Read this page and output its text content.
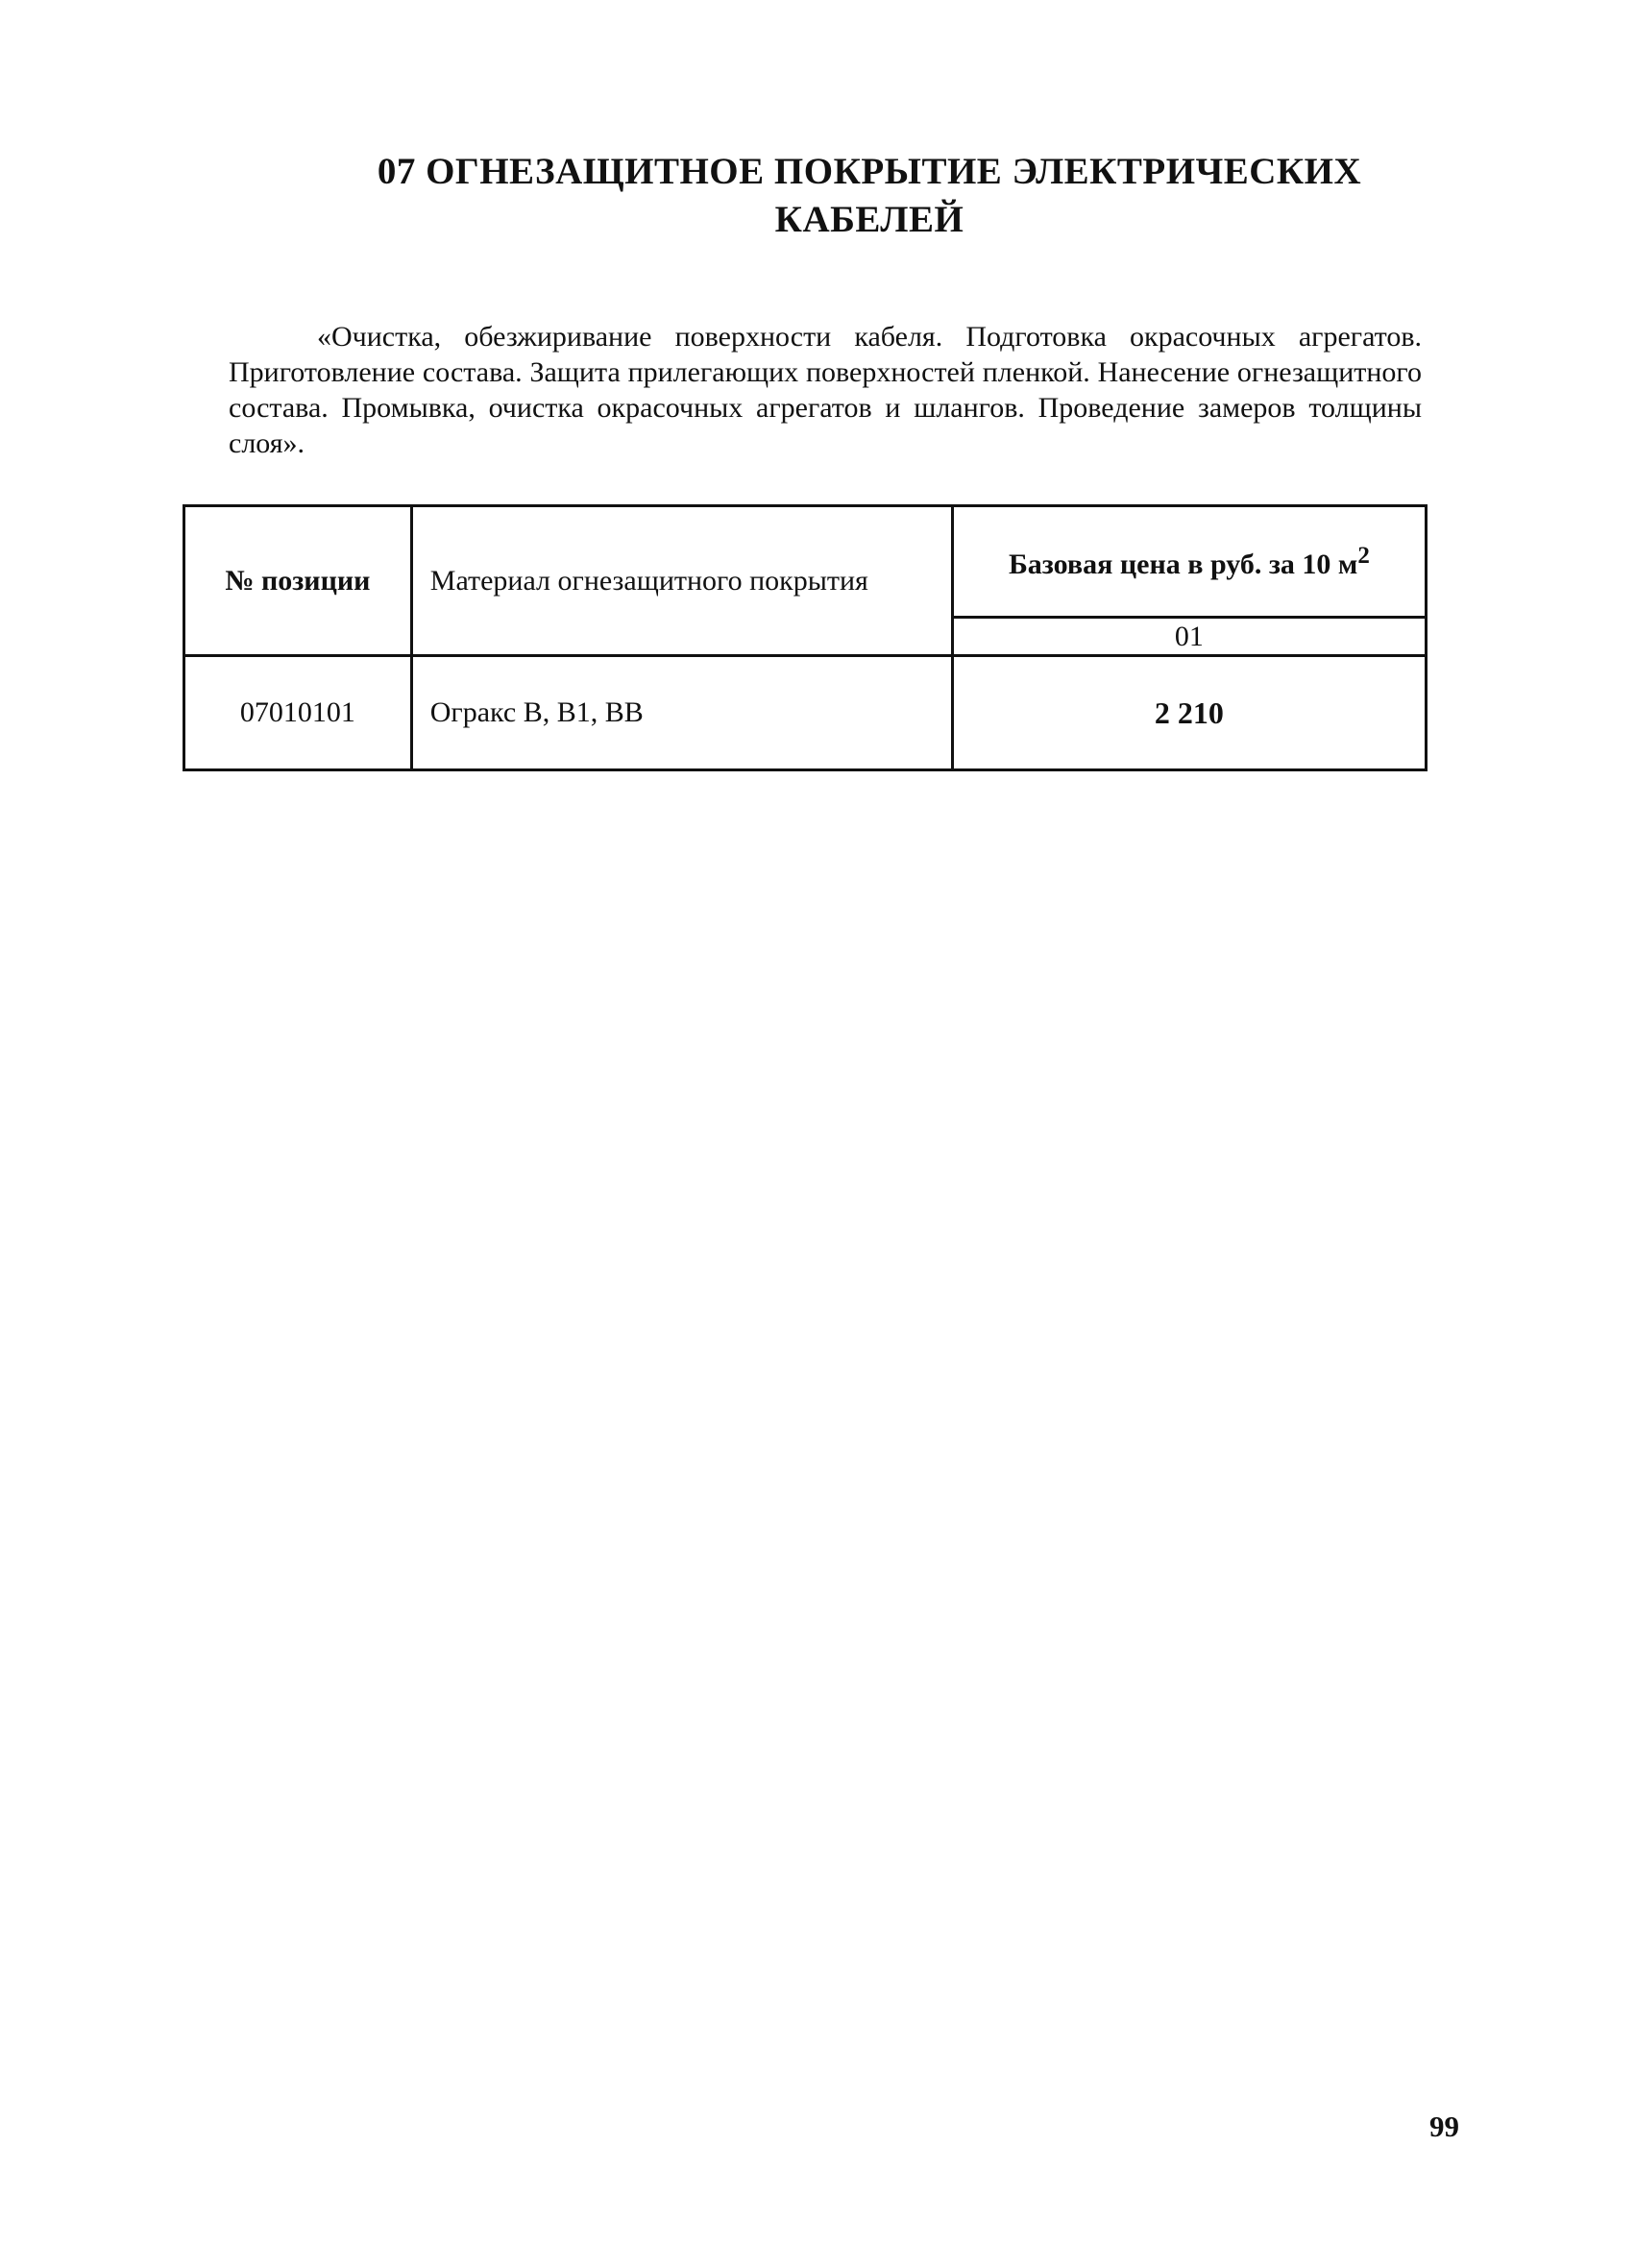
07 ОГНЕЗАЩИТНОЕ ПОКРЫТИЕ ЭЛЕКТРИЧЕСКИХ
КАБЕЛЕЙ

«Очистка, обезжиривание поверхности кабеля. Подготовка окрасочных агрегатов. Приготовление состава. Защита прилегающих поверхностей пленкой. Нанесение огнезащитного состава. Промывка, очистка окрасочных агрегатов и шлангов. Проведение замеров толщины слоя».

№ позиции	Материал огнезащитного покрытия	Базовая цена в руб. за 10 $м^2$
		01
07010101	Огракс В, В1, ВВ	2 210
99
